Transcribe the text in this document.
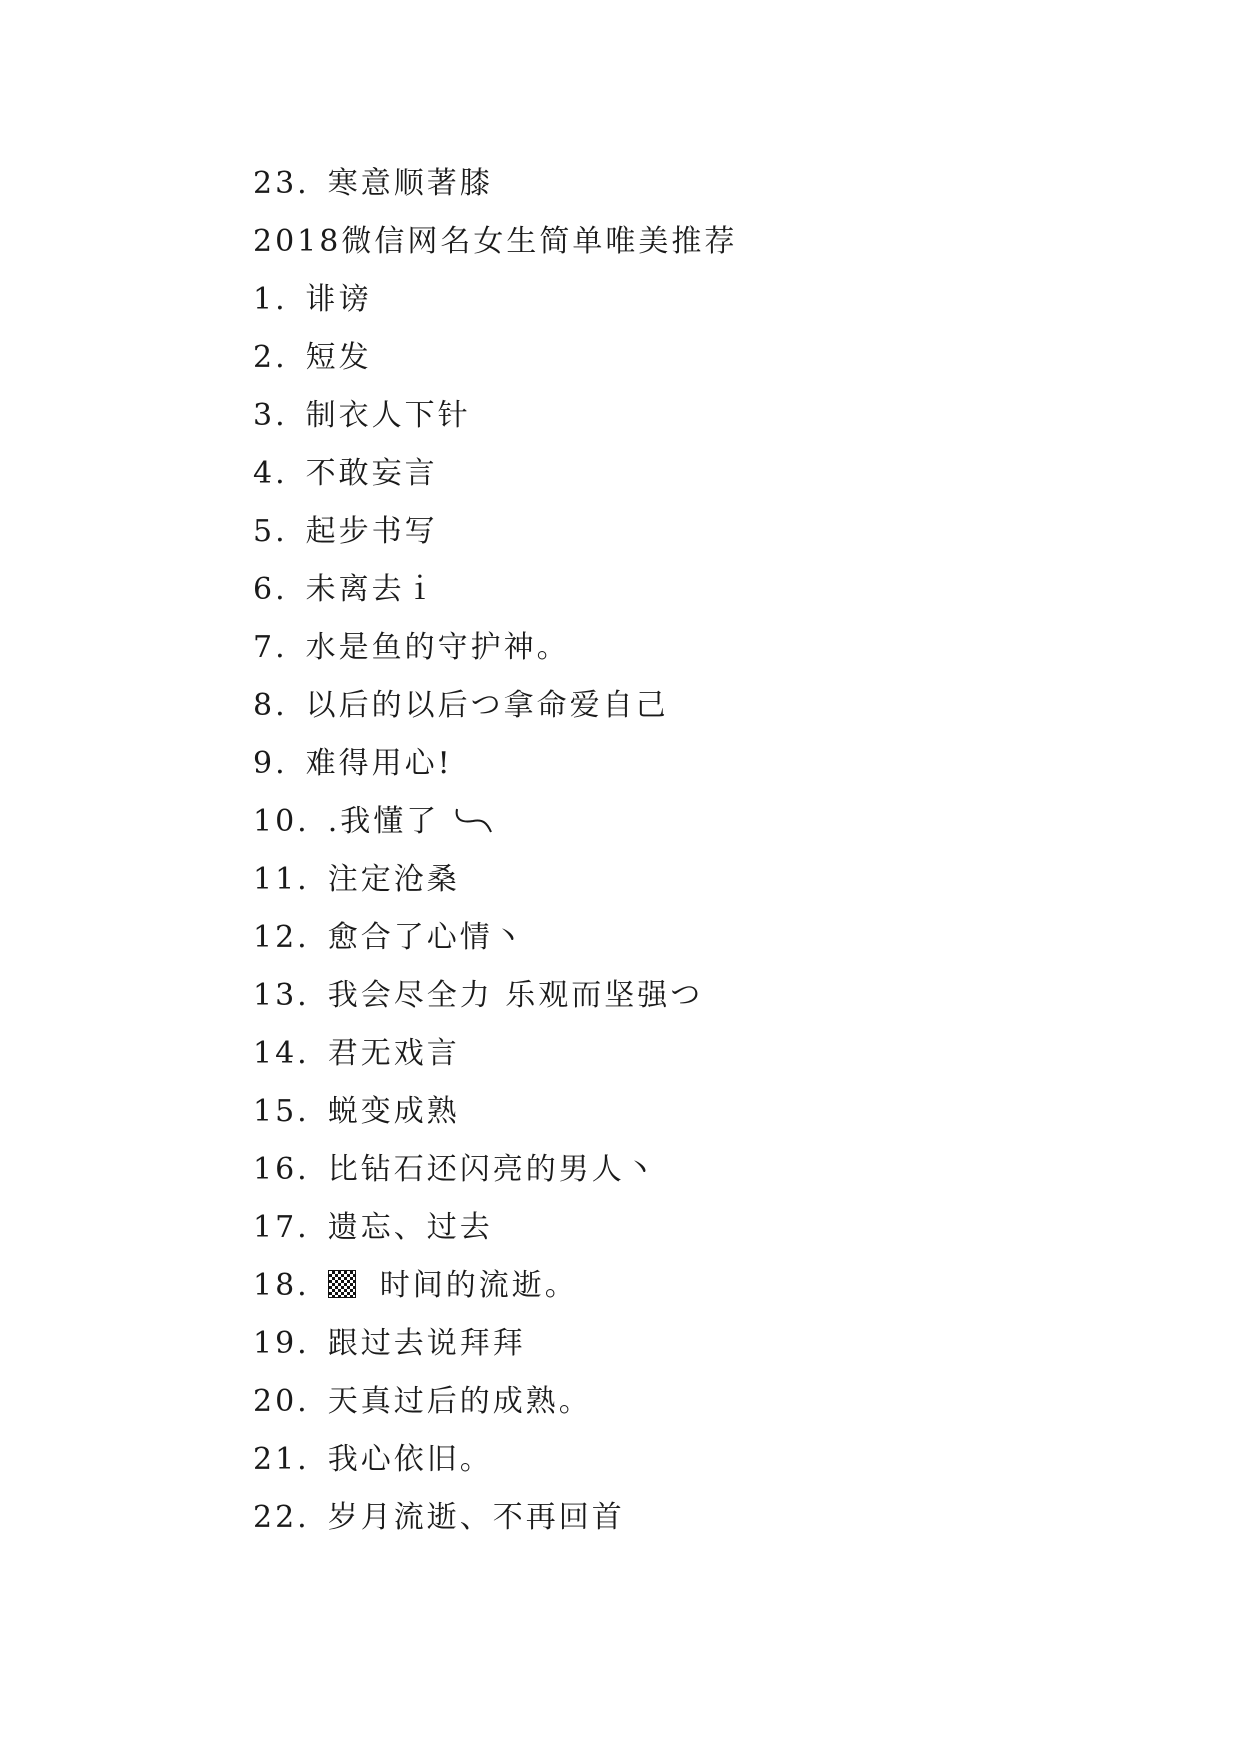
23. 寒意顺著膝
2018微信网名女生简单唯美推荐
1. 诽谤
2. 短发
3. 制衣人下针
4. 不敢妄言
5. 起步书写
6. 未离去ｉ
7. 水是鱼的守护神。
8. 以后的以后つ拿命爱自己
9. 难得用心!
10. .我懂了
11. 注定沧桑
12. 愈合了心情丶
13. 我会尽全力 乐观而坚强つ
14. 君无戏言
15. 蜕变成熟
16. 比钻石还闪亮的男人丶
17. 遗忘、过去
18. 时间的流逝。
19. 跟过去说拜拜
20. 天真过后的成熟。
21. 我心依旧。
22. 岁月流逝、不再回首
